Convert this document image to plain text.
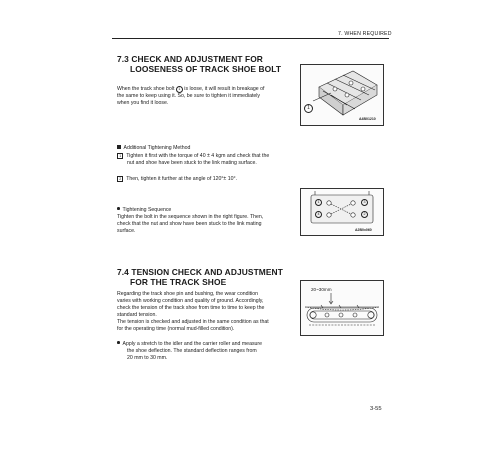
7. WHEN REQUIRED
7.3 CHECK AND ADJUSTMENT FOR
LOOSENESS OF TRACK SHOE BOLT
When the track shoe bolt 1 is loose, it will result in breakage of
the same to keep using it. So, be sure to tighten it immediately
when you find it loose.
1
A4B01210
Additional Tightening Method
1 Tighten it first with the torque of 40 ± 4 kgm and check that the
nut and shoe have been stuck to the link mating surface.
2 Then, tighten it further at the angle of 120°± 10°.
Tightening Sequence
Tighten the bolt in the sequence shown in the right figure. Then,
check that the nut and show have been stuck to the link mating
surface.
1	3
4	2
A2B0x060
7.4 TENSION CHECK AND ADJUSTMENT
FOR THE TRACK SHOE
Regarding the track shoe pin and bushing, the wear condition
varies with working condition and quality of ground. Accordingly,
check the tension of the track shoe from time to time to keep the
standard tension.
The tension is checked and adjusted in the same condition as that
for the operating time (normal mud-filled condition).
Apply a stretch to the idler and the carrier roller and measure
the shoe deflection. The standard deflection ranges from
20 mm to 30 mm.
20~30mm
3-55
